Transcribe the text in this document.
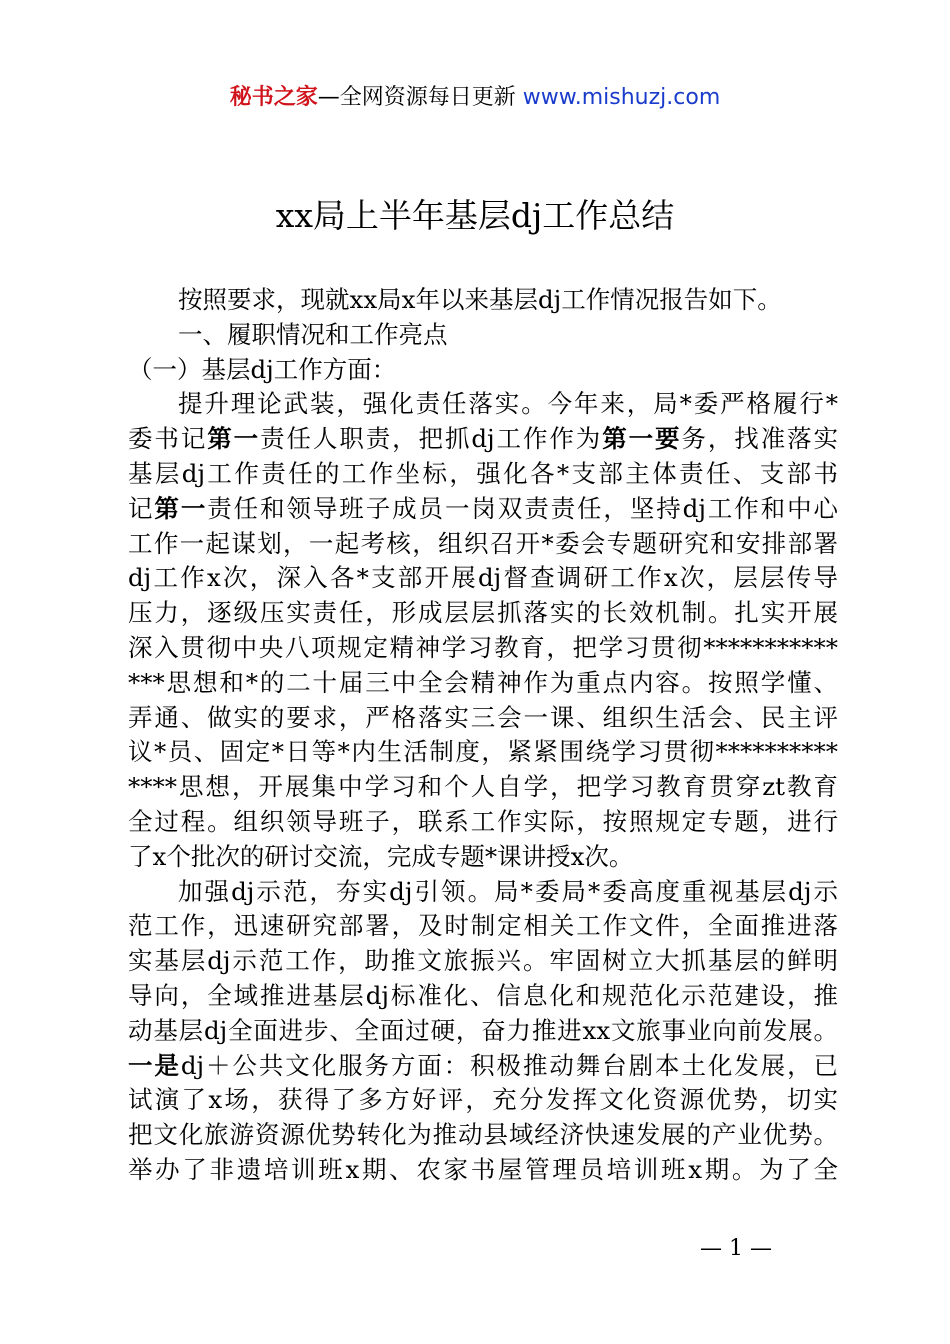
秘书之家—全网资源每日更新 www.mishuzj.com
xx局上半年基层dj工作总结
按照要求，现就xx局x年以来基层dj工作情况报告如下。
一、履职情况和工作亮点
（一）基层dj工作方面：
提升理论武装，强化责任落实。今年来，局*委严格履行*
委书记第一责任人职责，把抓dj工作作为第一要务，找准落实
基层dj工作责任的工作坐标，强化各*支部主体责任、支部书
记第一责任和领导班子成员一岗双责责任，坚持dj工作和中心
工作一起谋划，一起考核，组织召开*委会专题研究和安排部署
dj工作x次，深入各*支部开展dj督查调研工作x次，层层传导
压力，逐级压实责任，形成层层抓落实的长效机制。扎实开展
深入贯彻中央八项规定精神学习教育，把学习贯彻***********
***思想和*的二十届三中全会精神作为重点内容。按照学懂、
弄通、做实的要求，严格落实三会一课、组织生活会、民主评
议*员、固定*日等*内生活制度，紧紧围绕学习贯彻**********
****思想，开展集中学习和个人自学，把学习教育贯穿zt教育
全过程。组织领导班子，联系工作实际，按照规定专题，进行
了x个批次的研讨交流，完成专题*课讲授x次。
加强dj示范，夯实dj引领。局*委局*委高度重视基层dj示
范工作，迅速研究部署，及时制定相关工作文件，全面推进落
实基层dj示范工作，助推文旅振兴。牢固树立大抓基层的鲜明
导向，全域推进基层dj标准化、信息化和规范化示范建设，推
动基层dj全面进步、全面过硬，奋力推进xx文旅事业向前发展。
一是dj＋公共文化服务方面：积极推动舞台剧本土化发展，已
试演了x场，获得了多方好评，充分发挥文化资源优势，切实
把文化旅游资源优势转化为推动县域经济快速发展的产业优势。
举办了非遗培训班x期、农家书屋管理员培训班x期。为了全
— 1 —
